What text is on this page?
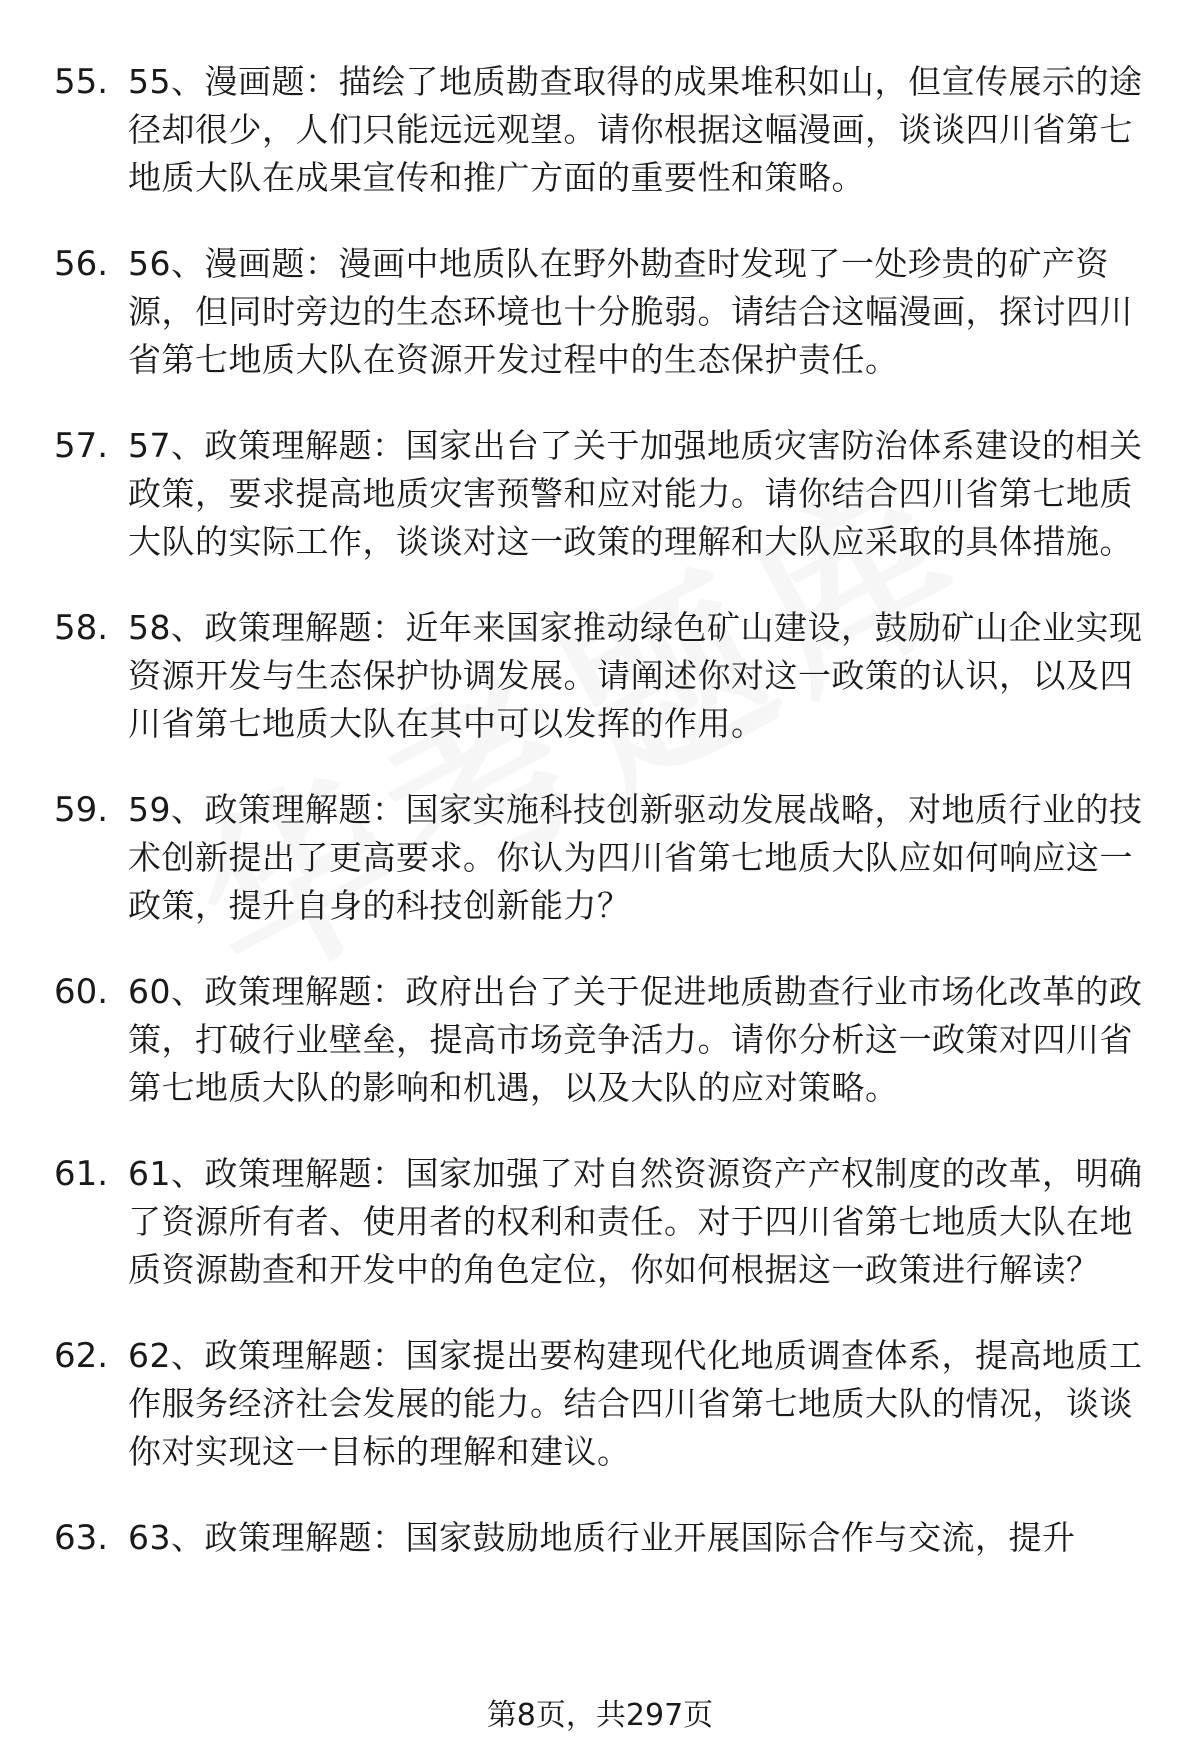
55. 55、漫画题：描绘了地质勘查取得的成果堆积如山，但宣传展示的途径却很少，人们只能远远观望。请你根据这幅漫画，谈谈四川省第七地质大队在成果宣传和推广方面的重要性和策略。
56. 56、漫画题：漫画中地质队在野外勘查时发现了一处珍贵的矿产资源，但同时旁边的生态环境也十分脆弱。请结合这幅漫画，探讨四川省第七地质大队在资源开发过程中的生态保护责任。
57. 57、政策理解题：国家出台了关于加强地质灾害防治体系建设的相关政策，要求提高地质灾害预警和应对能力。请你结合四川省第七地质大队的实际工作，谈谈对这一政策的理解和大队应采取的具体措施。
58. 58、政策理解题：近年来国家推动绿色矿山建设，鼓励矿山企业实现资源开发与生态保护协调发展。请阐述你对这一政策的认识，以及四川省第七地质大队在其中可以发挥的作用。
59. 59、政策理解题：国家实施科技创新驱动发展战略，对地质行业的技术创新提出了更高要求。你认为四川省第七地质大队应如何响应这一政策，提升自身的科技创新能力？
60. 60、政策理解题：政府出台了关于促进地质勘查行业市场化改革的政策，打破行业壁垒，提高市场竞争活力。请你分析这一政策对四川省第七地质大队的影响和机遇，以及大队的应对策略。
61. 61、政策理解题：国家加强了对自然资源资产产权制度的改革，明确了资源所有者、使用者的权利和责任。对于四川省第七地质大队在地质资源勘查和开发中的角色定位，你如何根据这一政策进行解读？
62. 62、政策理解题：国家提出要构建现代化地质调查体系，提高地质工作服务经济社会发展的能力。结合四川省第七地质大队的情况，谈谈你对实现这一目标的理解和建议。
63. 63、政策理解题：国家鼓励地质行业开展国际合作与交流，提升
第8页，共297页
